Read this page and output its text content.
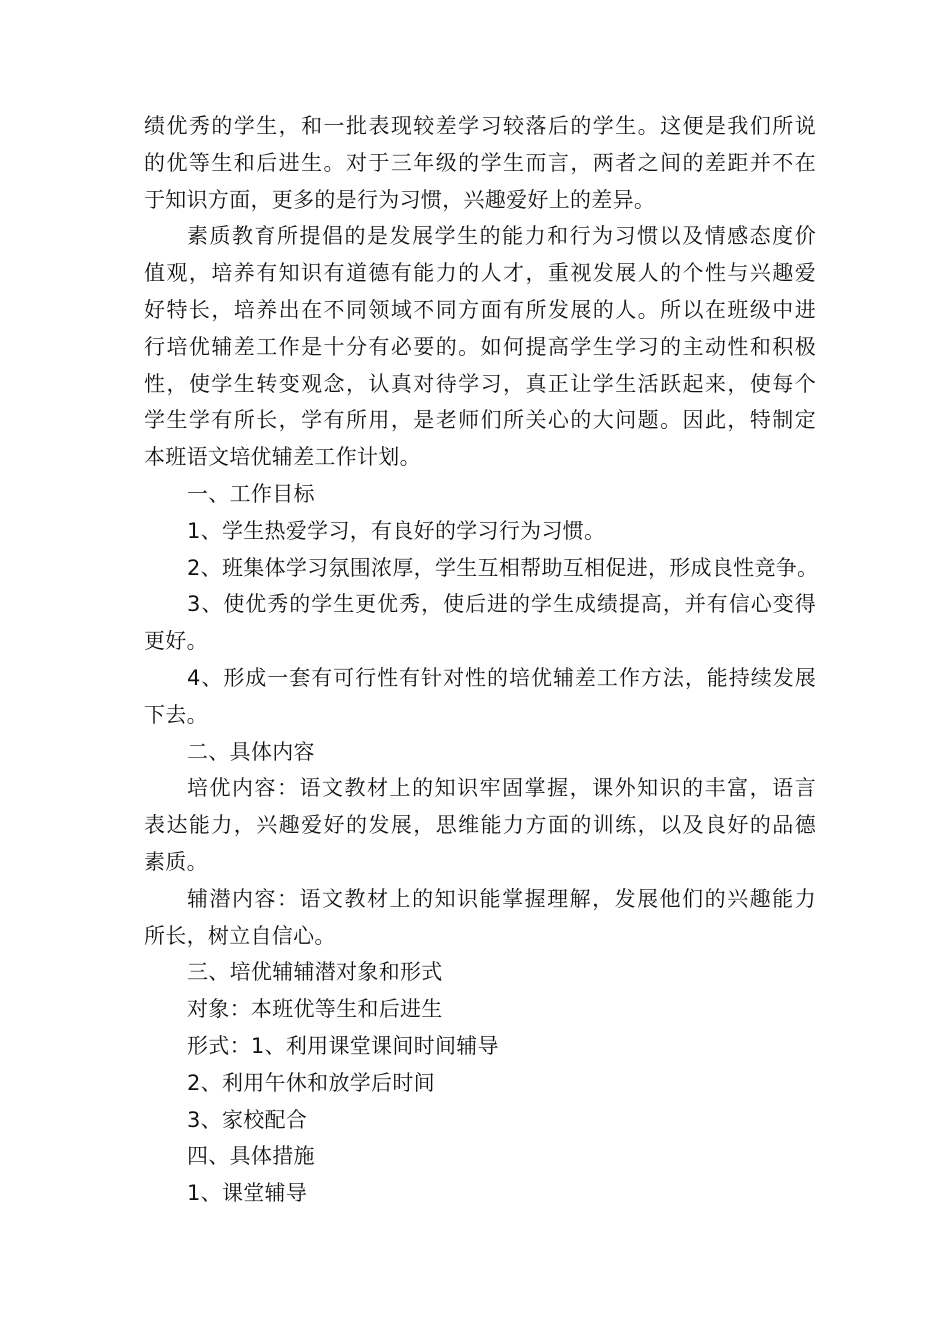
绩优秀的学生，和一批表现较差学习较落后的学生。这便是我们所说
的优等生和后进生。对于三年级的学生而言，两者之间的差距并不在
于知识方面，更多的是行为习惯，兴趣爱好上的差异。
素质教育所提倡的是发展学生的能力和行为习惯以及情感态度价
值观，培养有知识有道德有能力的人才，重视发展人的个性与兴趣爱
好特长，培养出在不同领域不同方面有所发展的人。所以在班级中进
行培优辅差工作是十分有必要的。如何提高学生学习的主动性和积极
性，使学生转变观念，认真对待学习，真正让学生活跃起来，使每个
学生学有所长，学有所用，是老师们所关心的大问题。因此，特制定
本班语文培优辅差工作计划。
一、工作目标
1、学生热爱学习，有良好的学习行为习惯。
2、班集体学习氛围浓厚，学生互相帮助互相促进，形成良性竞争。
3、使优秀的学生更优秀，使后进的学生成绩提高，并有信心变得
更好。
4、形成一套有可行性有针对性的培优辅差工作方法，能持续发展
下去。
二、具体内容
培优内容：语文教材上的知识牢固掌握，课外知识的丰富，语言
表达能力，兴趣爱好的发展，思维能力方面的训练，以及良好的品德
素质。
辅潜内容：语文教材上的知识能掌握理解，发展他们的兴趣能力
所长，树立自信心。
三、培优辅辅潜对象和形式
对象：本班优等生和后进生
形式：1、利用课堂课间时间辅导
2、利用午休和放学后时间
3、家校配合
四、具体措施
1、课堂辅导
